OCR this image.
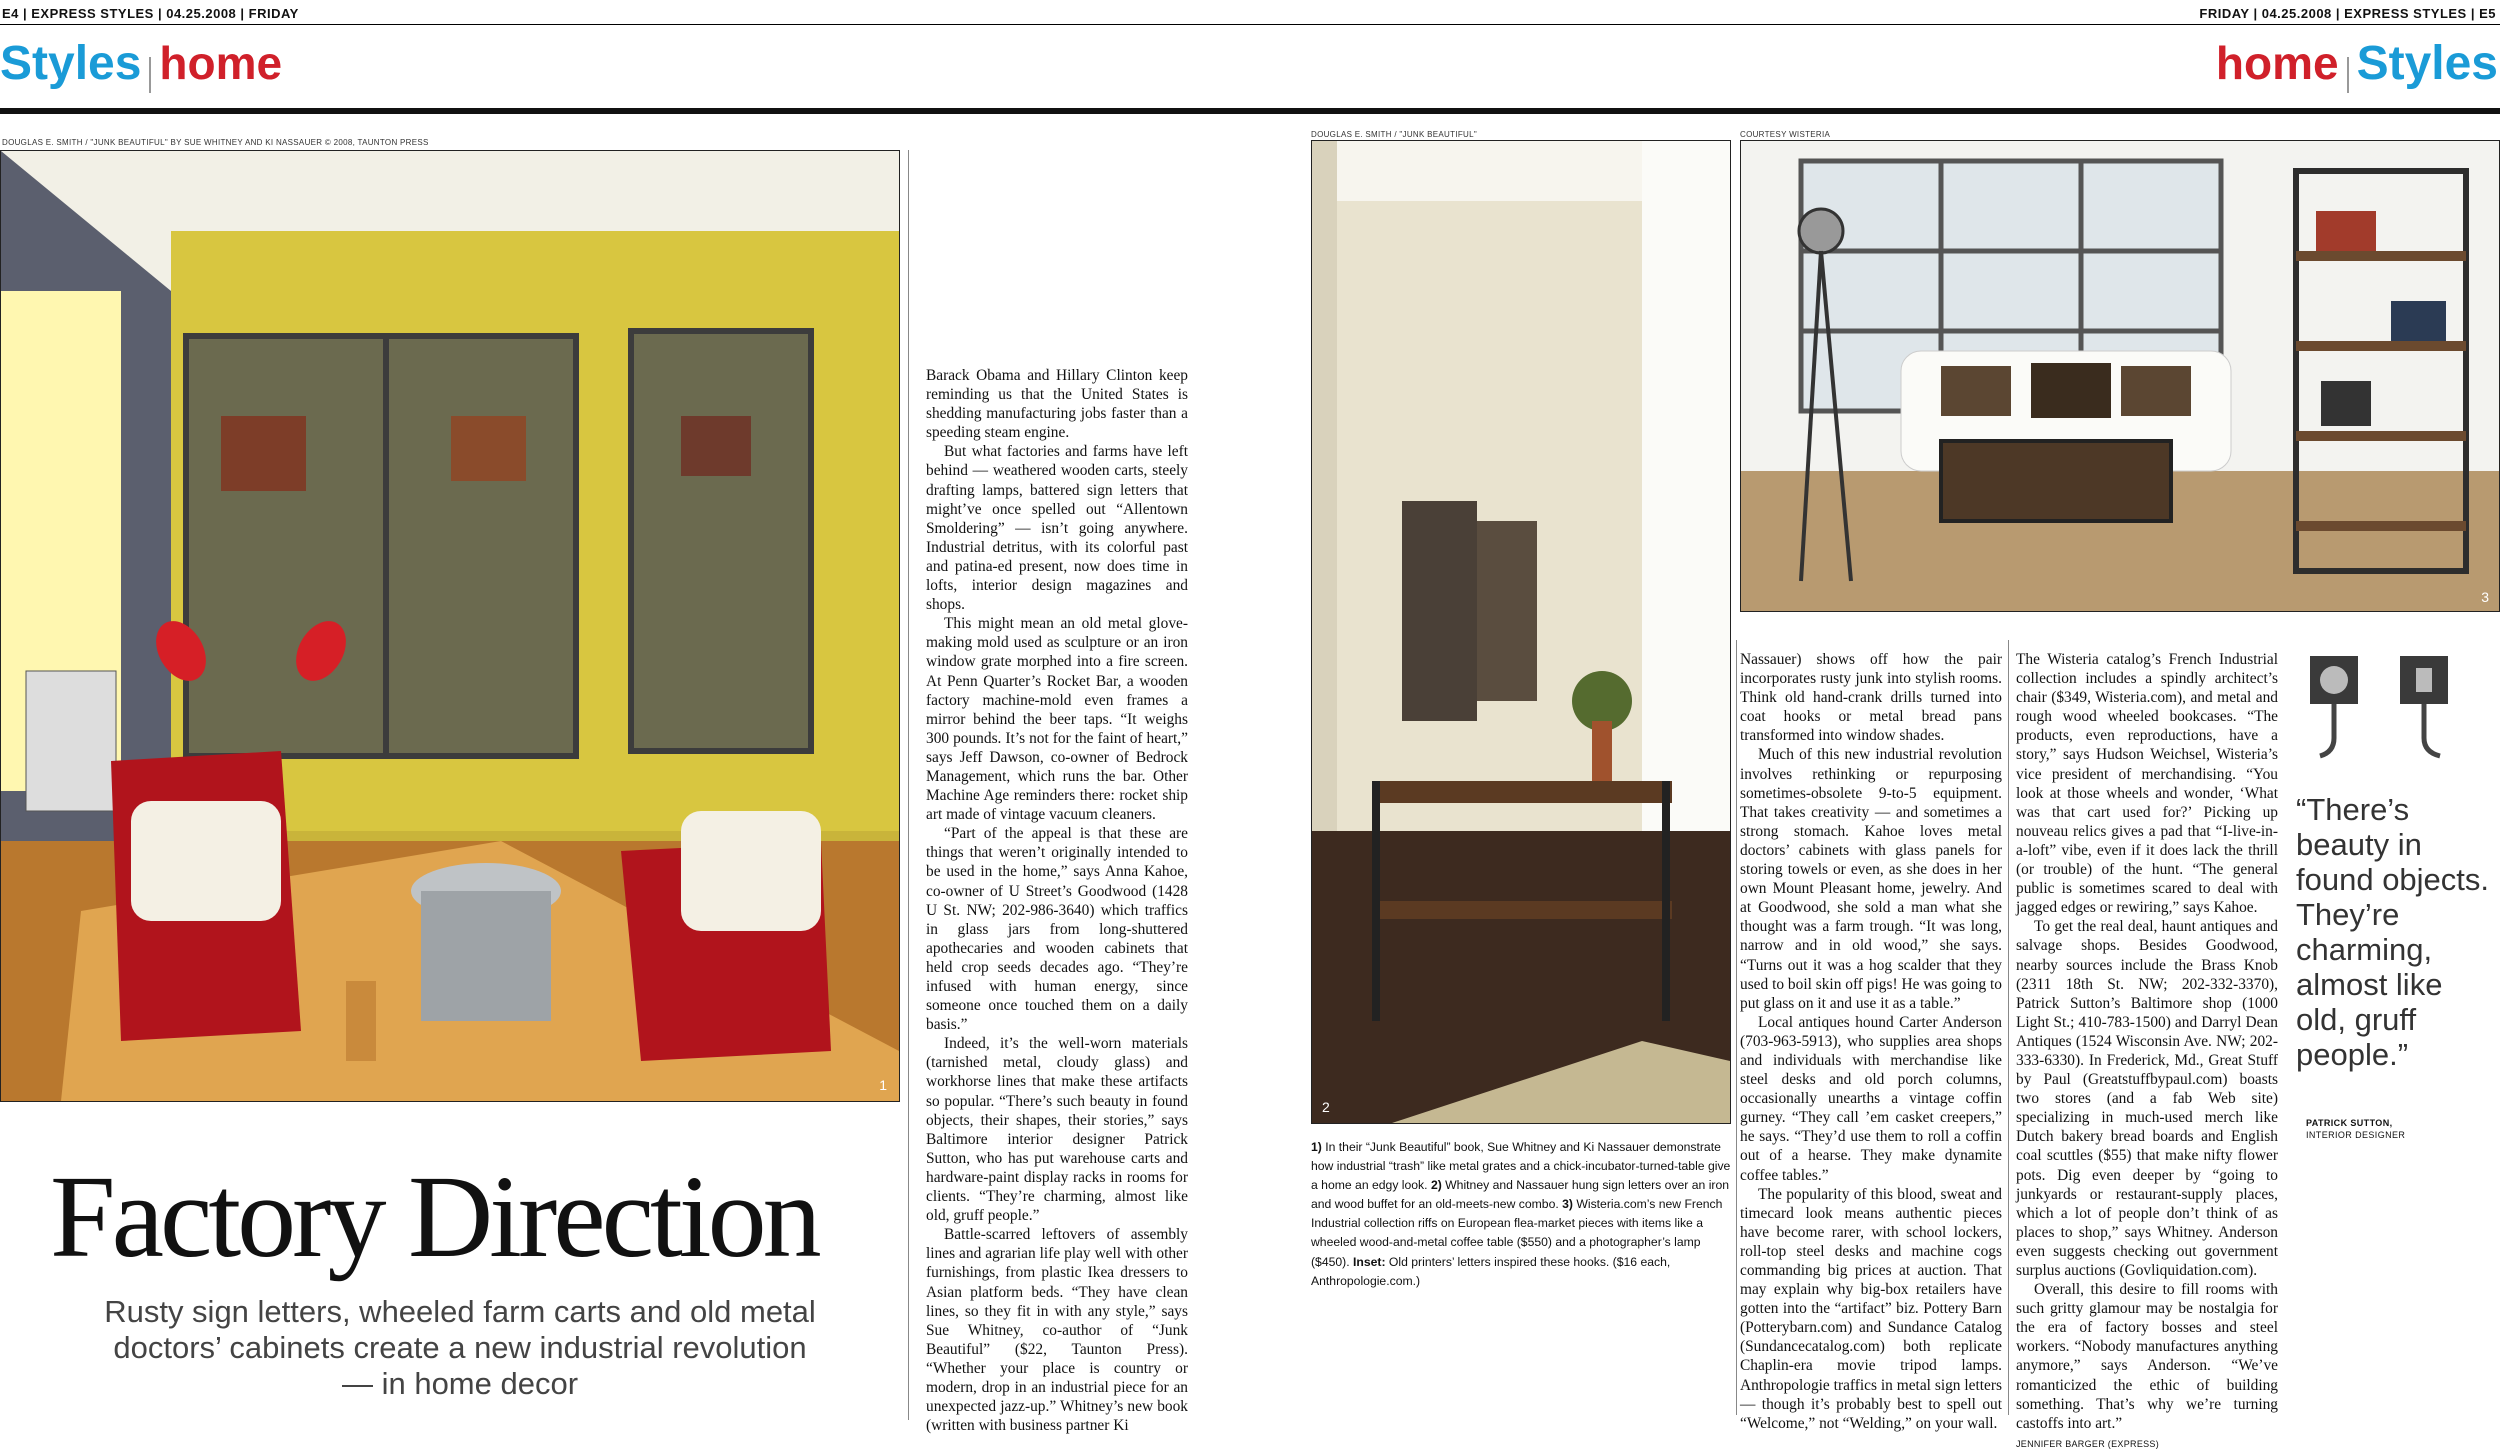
E4 | EXPRESS STYLES | 04.25.2008 | FRIDAY	FRIDAY | 04.25.2008 | EXPRESS STYLES | E5
Styles home	home Styles
DOUGLAS E. SMITH / "JUNK BEAUTIFUL" BY SUE WHITNEY AND KI NASSAUER © 2008, TAUNTON PRESS
1
Factory Direction
Rusty sign letters, wheeled farm carts and old metal doctors’ cabinets create a new industrial revolution — in home decor

Barack Obama and Hillary Clinton keep reminding us that the United States is shedding manufacturing jobs faster than a speeding steam engine.

But what factories and farms have left behind — weathered wooden carts, steely drafting lamps, battered sign letters that might’ve once spelled out “Allentown Smoldering” — isn’t going anywhere. Industrial detritus, with its colorful past and patina-ed present, now does time in lofts, interior design magazines and shops.

This might mean an old metal glove-making mold used as sculpture or an iron window grate morphed into a fire screen. At Penn Quarter’s Rocket Bar, a wooden factory machine-mold even frames a mirror behind the beer taps. “It weighs 300 pounds. It’s not for the faint of heart,” says Jeff Dawson, co-owner of Bedrock Management, which runs the bar. Other Machine Age reminders there: rocket ship art made of vintage vacuum cleaners.

“Part of the appeal is that these are things that weren’t originally intended to be used in the home,” says Anna Kahoe, co-owner of U Street’s Goodwood (1428 U St. NW; 202-986-3640) which traffics in glass jars from long-shuttered apothecaries and wooden cabinets that held crop seeds decades ago. “They’re infused with human energy, since someone once touched them on a daily basis.”

Indeed, it’s the well-worn materials (tarnished metal, cloudy glass) and workhorse lines that make these artifacts so popular. “There’s such beauty in found objects, their shapes, their stories,” says Baltimore interior designer Patrick Sutton, who has put warehouse carts and hardware-paint display racks in rooms for clients. “They’re charming, almost like old, gruff people.”

Battle-scarred leftovers of assembly lines and agrarian life play well with other furnishings, from plastic Ikea dressers to Asian platform beds. “They have clean lines, so they fit in with any style,” says Sue Whitney, co-author of “Junk Beautiful” ($22, Taunton Press). “Whether your place is country or modern, drop in an industrial piece for an unexpected jazz-up.” Whitney’s new book (written with business partner Ki

DOUGLAS E. SMITH / "JUNK BEAUTIFUL"
2
1) In their “Junk Beautiful” book, Sue Whitney and Ki Nassauer demonstrate how industrial “trash” like metal grates and a chick-incubator-turned-table give a home an edgy look. 2) Whitney and Nassauer hung sign letters over an iron and wood buffet for an old-meets-new combo. 3) Wisteria.com’s new French Industrial collection riffs on European flea-market pieces with items like a wheeled wood-and-metal coffee table ($550) and a photographer’s lamp ($450). Inset: Old printers’ letters inspired these hooks. ($16 each, Anthropologie.com.)
COURTESY WISTERIA
3

Nassauer) shows off how the pair incorporates rusty junk into stylish rooms. Think old hand-crank drills turned into coat hooks or metal bread pans transformed into window shades.

Much of this new industrial revolution involves rethinking or repurposing sometimes-obsolete 9-to-5 equipment. That takes creativity — and sometimes a strong stomach. Kahoe loves metal doctors’ cabinets with glass panels for storing towels or even, as she does in her own Mount Pleasant home, jewelry. And at Goodwood, she sold a man what she thought was a farm trough. “It was long, narrow and in old wood,” she says. “Turns out it was a hog scalder that they used to boil skin off pigs! He was going to put glass on it and use it as a table.”

Local antiques hound Carter Anderson (703-963-5913), who supplies area shops and individuals with merchandise like steel desks and old porch columns, occasionally unearths a vintage coffin gurney. “They call ’em casket creepers,” he says. “They’d use them to roll a coffin out of a hearse. They make dynamite coffee tables.”

The popularity of this blood, sweat and timecard look means authentic pieces have become rarer, with school lockers, roll-top steel desks and machine cogs commanding big prices at auction. That may explain why big-box retailers have gotten into the “artifact” biz. Pottery Barn (Potterybarn.com) and Sundance Catalog (Sundancecatalog.com) both replicate Chaplin-era movie tripod lamps. Anthropologie traffics in metal sign letters — though it’s probably best to spell out “Welcome,” not “Welding,” on your wall.

The Wisteria catalog’s French Industrial collection includes a spindly architect’s chair ($349, Wisteria.com), and metal and rough wood wheeled bookcases. “The products, even reproductions, have a story,” says Hudson Weichsel, Wisteria’s vice president of merchandising. “You look at those wheels and wonder, ‘What was that cart used for?’ Picking up nouveau relics gives a pad that “I-live-in-a-loft” vibe, even if it does lack the thrill (or trouble) of the hunt. “The general public is sometimes scared to deal with jagged edges or rewiring,” says Kahoe.

To get the real deal, haunt antiques and salvage shops. Besides Goodwood, nearby sources include the Brass Knob (2311 18th St. NW; 202-332-3370), Patrick Sutton’s Baltimore shop (1000 Light St.; 410-783-1500) and Darryl Dean Antiques (1524 Wisconsin Ave. NW; 202-333-6330). In Frederick, Md., Great Stuff by Paul (Greatstuffbypaul.com) boasts two stores (and a fab Web site) specializing in much-used merch like Dutch bakery bread boards and English coal scuttles ($55) that make nifty flower pots. Dig even deeper by “going to junkyards or restaurant-supply places, which a lot of people don’t think of as places to shop,” says Whitney. Anderson even suggests checking out government surplus auctions (Govliquidation.com).

Overall, this desire to fill rooms with such gritty glamour may be nostalgia for the era of factory bosses and steel workers. “Nobody manufactures anything anymore,” says Anderson. “We’ve romanticized the ethic of building something. That’s why we’re turning castoffs into art.”

JENNIFER BARGER (EXPRESS)
“There’s beauty in found objects. They’re charming, almost like old, gruff people.”
PATRICK SUTTON,
INTERIOR DESIGNER
